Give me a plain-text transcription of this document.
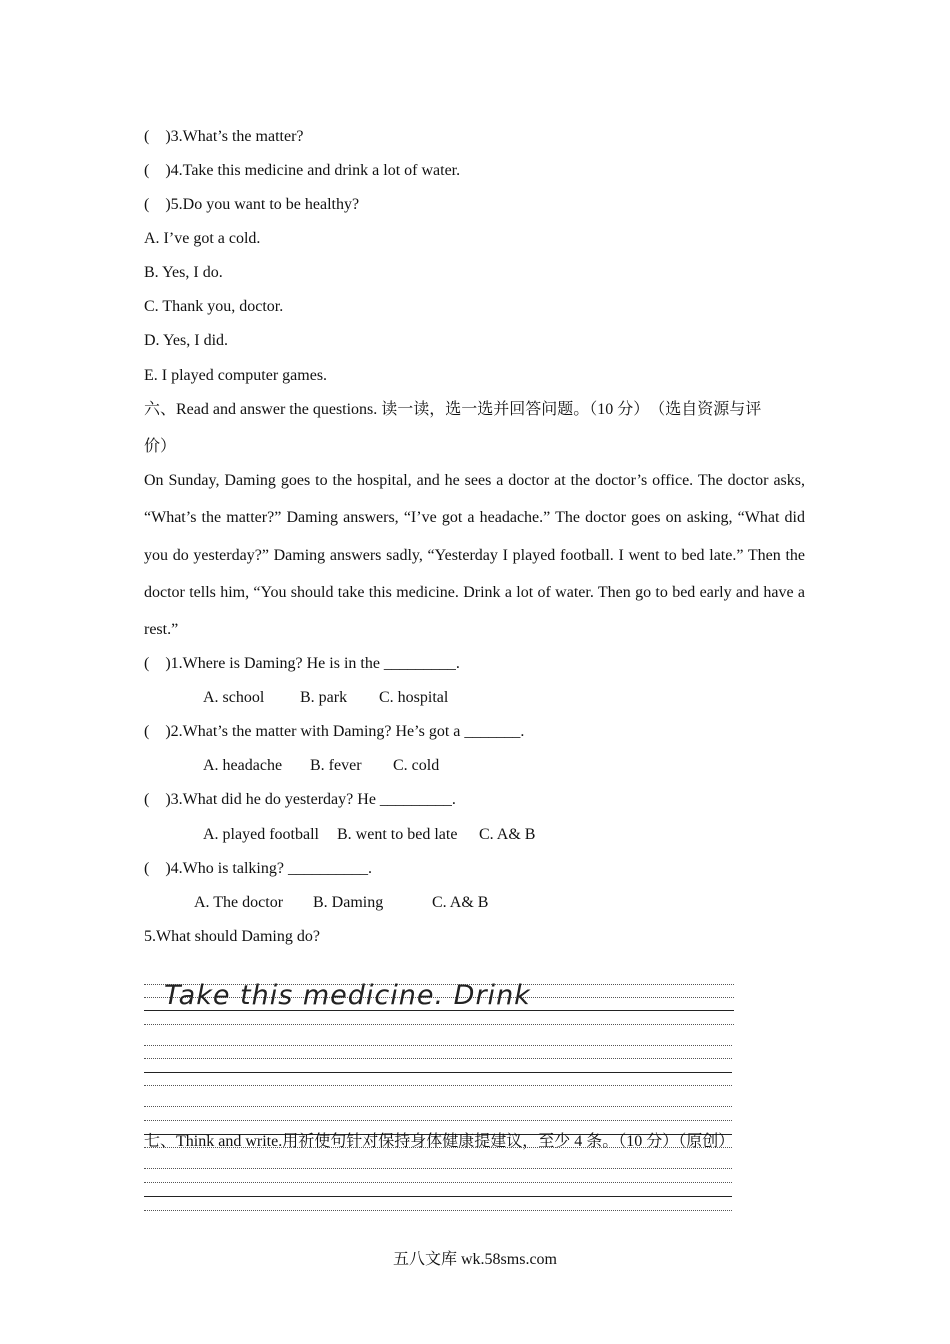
( )3.What’s the matter?
( )4.Take this medicine and drink a lot of water.
( )5.Do you want to be healthy?
A. I’ve got a cold.
B. Yes, I do.
C. Thank you, doctor.
D. Yes, I did.
E. I played computer games.
六、Read and answer the questions. 读一读，选一选并回答问题。（10 分）　（选自资源与评
价）
On Sunday, Daming goes to the hospital, and he sees a doctor at the doctor’s office. The doctor asks, “What’s the matter?” Daming answers, “I’ve got a headache.” The doctor goes on asking, “What did you do yesterday?” Daming answers sadly, “Yesterday I played football. I went to bed late.” Then the doctor tells him, “You should take this medicine. Drink a lot of water. Then go to bed early and have a rest.”
( )1.Where is Daming? He is in the _________.
A. school B. park C. hospital
( )2.What’s the matter with Daming? He’s got a _______.
A. headache B. fever C. cold
( )3.What did he do yesterday? He _________.
A. played football B. went to bed late C. A& B
( )4.Who is talking? __________.
A. The doctor B. Daming	C. A& B
5.What should Daming do?
Take this medicine. Drink
七、Think and write.用祈使句针对保持身体健康提建议，至少 4 条。（10 分）（原创）
五八文库 wk.58sms.com
